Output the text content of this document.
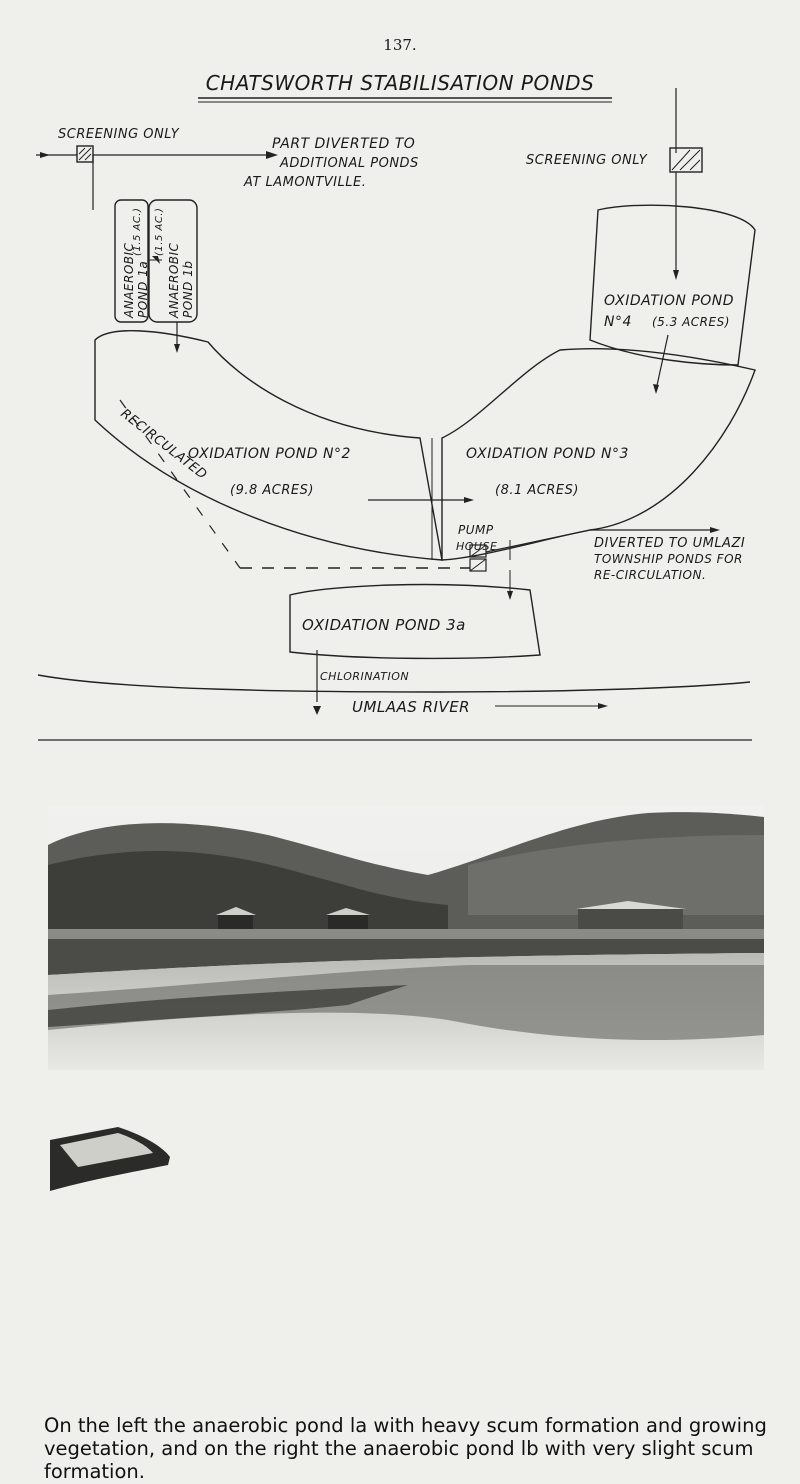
137.
CHATSWORTH STABILISATION PONDS
SCREENING ONLY
PART DIVERTED TO
ADDITIONAL PONDS
AT LAMONTVILLE.
SCREENING ONLY
ANAEROBIC POND 1a
(1.5 AC.) (1.5 AC.)
ANAEROBIC POND 1b	OXIDATION POND
N°4 (5.3 ACRES)
OXIDATION POND N°2
(9.8 ACRES)
OXIDATION POND N°3
(8.1 ACRES)
PUMP
HOUSE	DIVERTED TO UMLAZI
TOWNSHIP PONDS FOR
RE-CIRCULATION.
RECIRCULATED
OXIDATION POND 3a
CHLORINATION
UMLAAS RIVER

On the left the anaerobic pond la with heavy scum formation and growing vegetation, and on the right the anaerobic pond lb with very slight scum formation.
